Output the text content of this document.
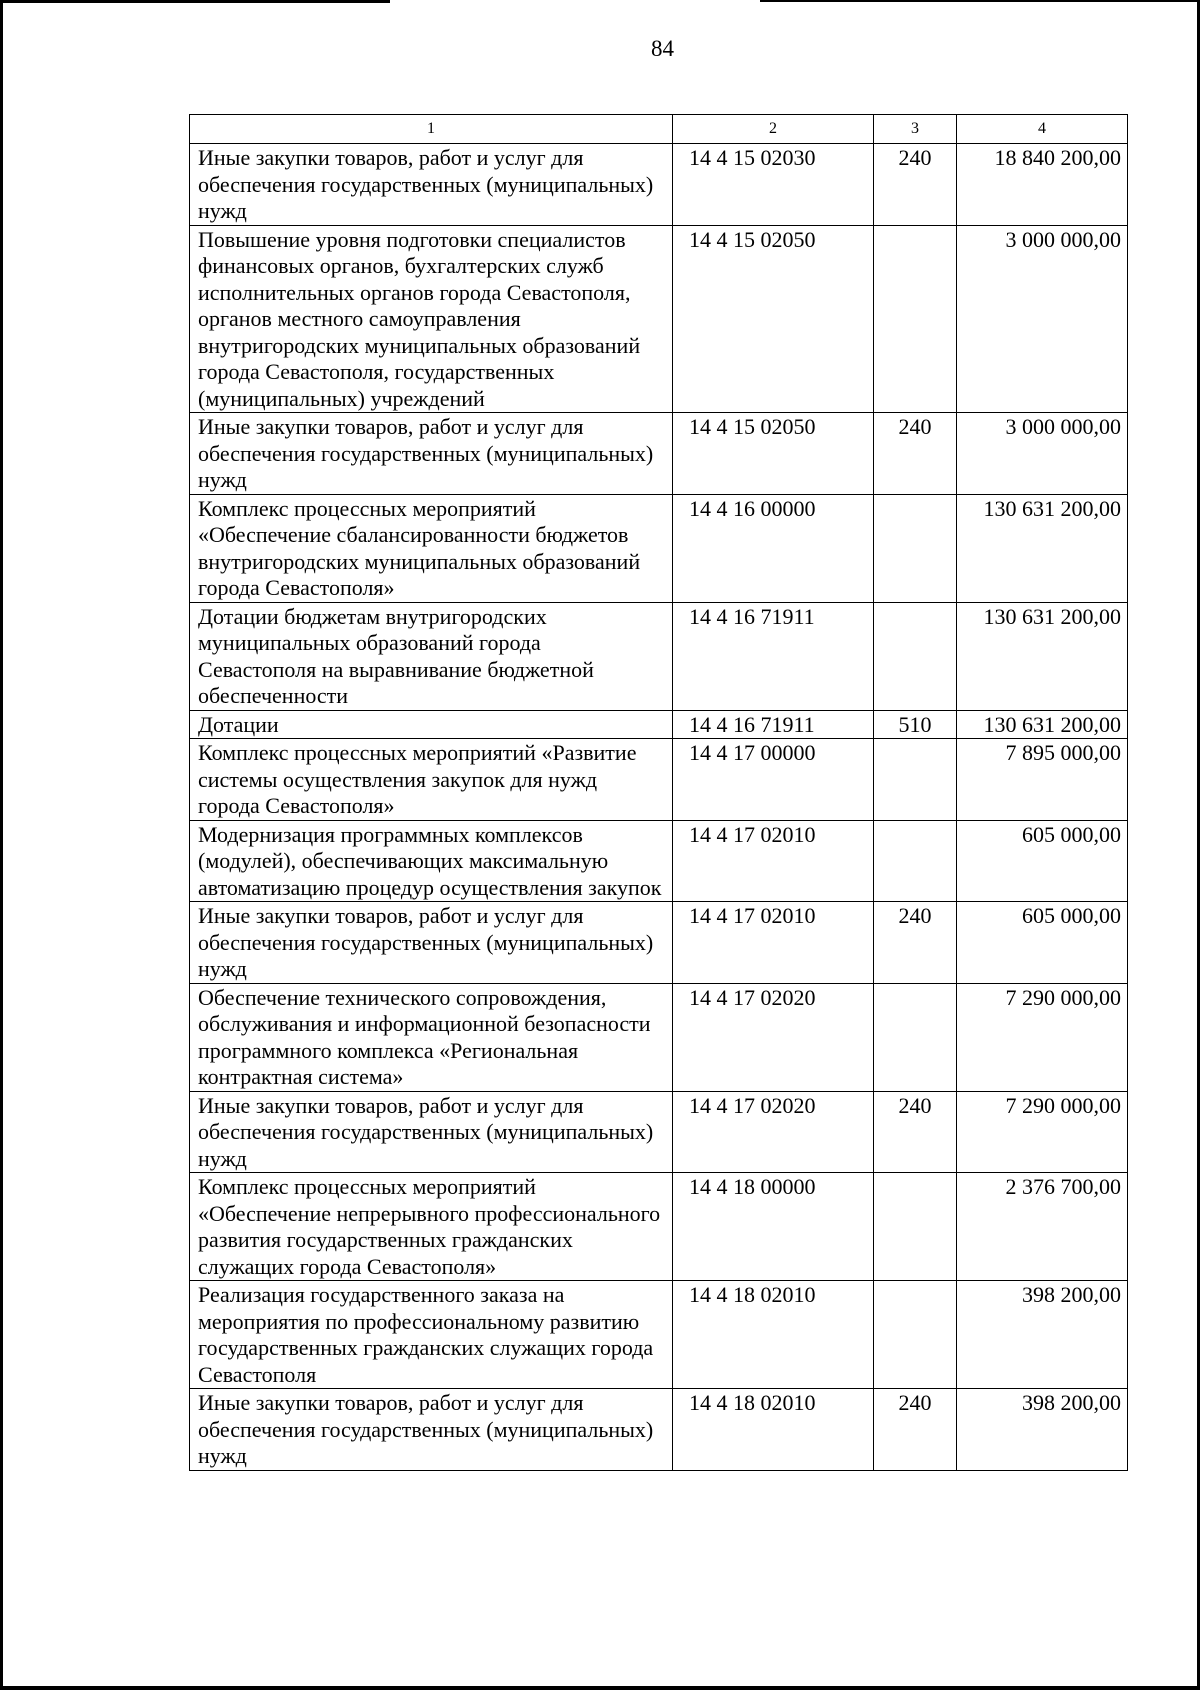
84
1	2	3	4
Иные закупки товаров, работ и услуг для обеспечения государственных (муниципальных) нужд	14 4 15 02030	240	18 840 200,00
Повышение уровня подготовки специалистов финансовых органов, бухгалтерских служб исполнительных органов города Севастополя, органов местного самоуправления внутригородских муниципальных образований города Севастополя, государственных (муниципальных) учреждений	14 4 15 02050		3 000 000,00
Иные закупки товаров, работ и услуг для обеспечения государственных (муниципальных) нужд	14 4 15 02050	240	3 000 000,00
Комплекс процессных мероприятий «Обеспечение сбалансированности бюджетов внутригородских муниципальных образований города Севастополя»	14 4 16 00000		130 631 200,00
Дотации бюджетам внутригородских муниципальных образований города Севастополя на выравнивание бюджетной обеспеченности	14 4 16 71911		130 631 200,00
Дотации	14 4 16 71911	510	130 631 200,00
Комплекс процессных мероприятий «Развитие системы осуществления закупок для нужд города Севастополя»	14 4 17 00000		7 895 000,00
Модернизация программных комплексов (модулей), обеспечивающих максимальную автоматизацию процедур осуществления закупок	14 4 17 02010		605 000,00
Иные закупки товаров, работ и услуг для обеспечения государственных (муниципальных) нужд	14 4 17 02010	240	605 000,00
Обеспечение технического сопровождения, обслуживания и информационной безопасности программного комплекса «Региональная контрактная система»	14 4 17 02020		7 290 000,00
Иные закупки товаров, работ и услуг для обеспечения государственных (муниципальных) нужд	14 4 17 02020	240	7 290 000,00
Комплекс процессных мероприятий «Обеспечение непрерывного профессионального развития государственных гражданских служащих города Севастополя»	14 4 18 00000		2 376 700,00
Реализация государственного заказа на мероприятия по профессиональному развитию государственных гражданских служащих города Севастополя	14 4 18 02010		398 200,00
Иные закупки товаров, работ и услуг для обеспечения государственных (муниципальных) нужд	14 4 18 02010	240	398 200,00
